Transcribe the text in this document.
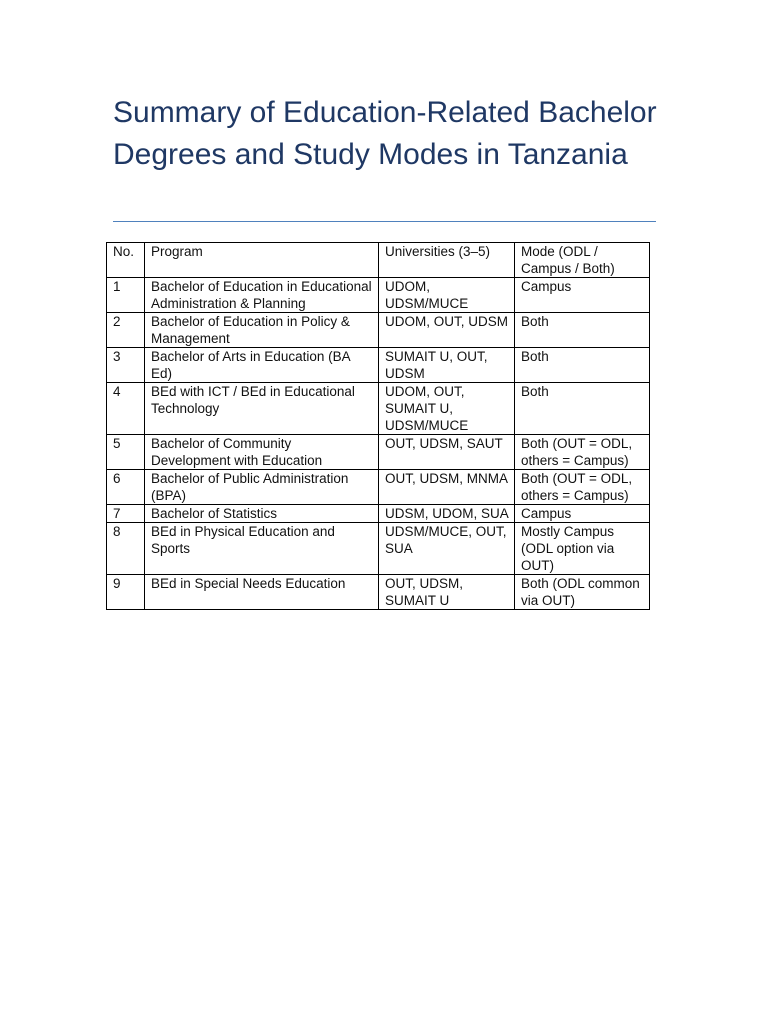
Summary of Education-Related Bachelor Degrees and Study Modes in Tanzania
No.	Program	Universities (3–5)	Mode (ODL / Campus / Both)
1	Bachelor of Education in Educational Administration & Planning	UDOM, UDSM/MUCE	Campus
2	Bachelor of Education in Policy & Management	UDOM, OUT, UDSM	Both
3	Bachelor of Arts in Education (BA Ed)	SUMAIT U, OUT, UDSM	Both
4	BEd with ICT / BEd in Educational Technology	UDOM, OUT, SUMAIT U, UDSM/MUCE	Both
5	Bachelor of Community Development with Education	OUT, UDSM, SAUT	Both (OUT = ODL, others = Campus)
6	Bachelor of Public Administration (BPA)	OUT, UDSM, MNMA	Both (OUT = ODL, others = Campus)
7	Bachelor of Statistics	UDSM, UDOM, SUA	Campus
8	BEd in Physical Education and Sports	UDSM/MUCE, OUT, SUA	Mostly Campus (ODL option via OUT)
9	BEd in Special Needs Education	OUT, UDSM, SUMAIT U	Both (ODL common via OUT)
